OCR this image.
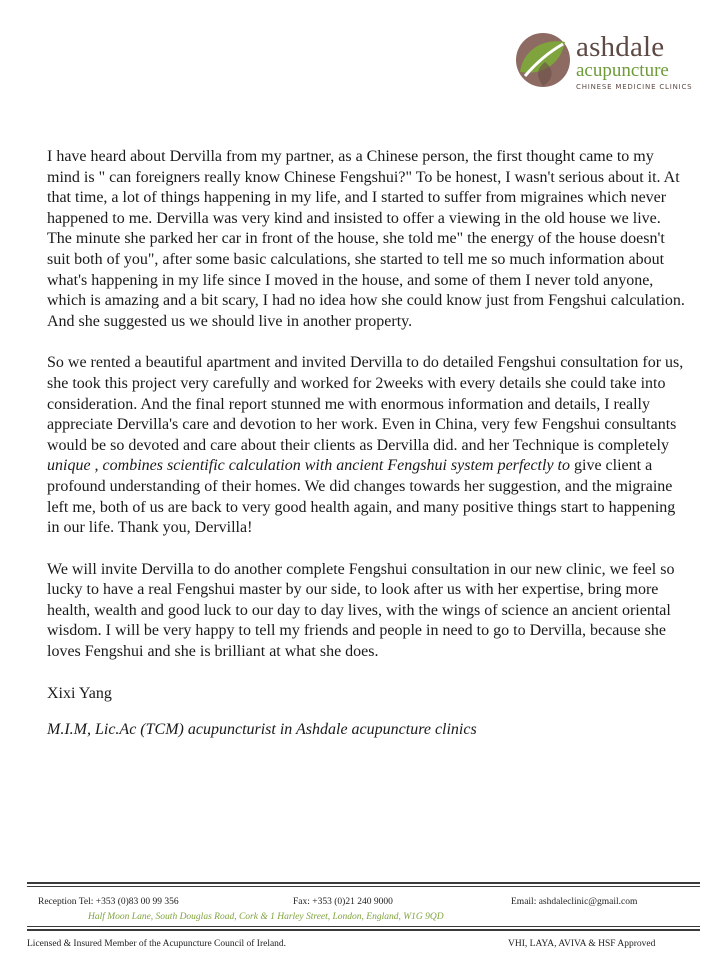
ashdale
acupuncture
CHINESE MEDICINE CLINICS

I have heard about Dervilla from my partner, as a Chinese person, the first thought came to my mind is " can foreigners really know Chinese Fengshui?" To be honest, I wasn't serious about it. At that time, a lot of things happening in my life, and I started to suffer from migraines which never happened to me. Dervilla was very kind and insisted to offer a viewing in the old house we live. The minute she parked her car in front of the house, she told me" the energy of the house doesn't suit both of you", after some basic calculations, she started to tell me so much information about what's happening in my life since I moved in the house, and some of them I never told anyone, which is amazing and a bit scary, I had no idea how she could know just from Fengshui calculation. And she suggested us we should live in another property.

So we rented a beautiful apartment and invited Dervilla to do detailed Fengshui consultation for us, she took this project very carefully and worked for 2weeks with every details she could take into consideration. And the final report stunned me with enormous information and details, I really appreciate Dervilla's care and devotion to her work. Even in China, very few Fengshui consultants would be so devoted and care about their clients as Dervilla did. and her Technique is completely unique , combines scientific calculation with ancient Fengshui system perfectly to give client a profound understanding of their homes. We did changes towards her suggestion, and the migraine left me, both of us are back to very good health again, and many positive things start to happening in our life. Thank you, Dervilla!

We will invite Dervilla to do another complete Fengshui consultation in our new clinic, we feel so lucky to have a real Fengshui master by our side, to look after us with her expertise, bring more health, wealth and good luck to our day to day lives, with the wings of science an ancient oriental wisdom. I will be very happy to tell my friends and people in need to go to Dervilla, because she loves Fengshui and she is brilliant at what she does.

Xixi Yang

M.I.M, Lic.Ac (TCM) acupuncturist in Ashdale acupuncture clinics

Reception Tel: +353 (0)83 00 99 356	Fax: +353 (0)21 240 9000	Email: ashdaleclinic@gmail.com
Half Moon Lane, South Douglas Road, Cork & 1 Harley Street, London, England, W1G 9QD
Licensed & Insured Member of the Acupuncture Council of Ireland.	VHI, LAYA, AVIVA & HSF Approved
